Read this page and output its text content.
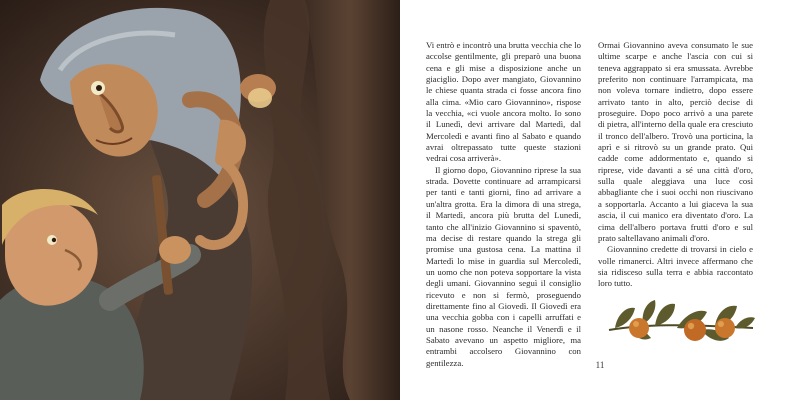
Vi entrò e incontrò una brutta vecchia che lo accolse gentilmente, gli preparò una buona cena e gli mise a disposizione anche un giaciglio. Dopo aver mangiato, Giovannino le chiese quanta strada ci fosse ancora fino alla cima. «Mio caro Giovannino», rispose la vecchia, «ci vuole ancora molto. Io sono il Lunedì, devi arrivare dal Martedì, dal Mercoledì e avanti fino al Sabato e quando avrai oltrepassato tutte queste stazioni vedrai cosa arriverà».

Il giorno dopo, Giovannino riprese la sua strada. Dovette continuare ad arrampicarsi per tanti e tanti giorni, fino ad arrivare a un'altra grotta. Era la dimora di una strega, il Martedì, ancora più brutta del Lunedì, tanto che all'inizio Giovannino si spaventò, ma decise di restare quando la strega gli promise una gustosa cena. La mattina il Martedì lo mise in guardia sul Mercoledì, un uomo che non poteva sopportare la vista degli umani. Giovannino seguì il consiglio ricevuto e non si fermò, proseguendo direttamente fino al Giovedì. Il Giovedì era una vecchia gobba con i capelli arruffati e un nasone rosso. Neanche il Venerdì e il Sabato avevano un aspetto migliore, ma entrambi accolsero Giovannino con gentilezza.

Ormai Giovannino aveva consumato le sue ultime scarpe e anche l'ascia con cui si teneva aggrappato si era smussata. Avrebbe preferito non continuare l'arrampicata, ma non voleva tornare indietro, dopo essere arrivato tanto in alto, perciò decise di proseguire. Dopo poco arrivò a una parete di pietra, all'interno della quale era cresciuto il tronco dell'albero. Trovò una porticina, la aprì e si ritrovò su un grande prato. Qui cadde come addormentato e, quando si riprese, vide davanti a sé una città d'oro, sulla quale aleggiava una luce così abbagliante che i suoi occhi non riuscivano a sopportarla. Accanto a lui giaceva la sua ascia, il cui manico era diventato d'oro. La cima dell'albero portava frutti d'oro e sul prato saltellavano animali d'oro.

Giovannino credette di trovarsi in cielo e volle rimanerci. Altri invece affermano che sia ridisceso sulla terra e abbia raccontato loro tutto.

11
